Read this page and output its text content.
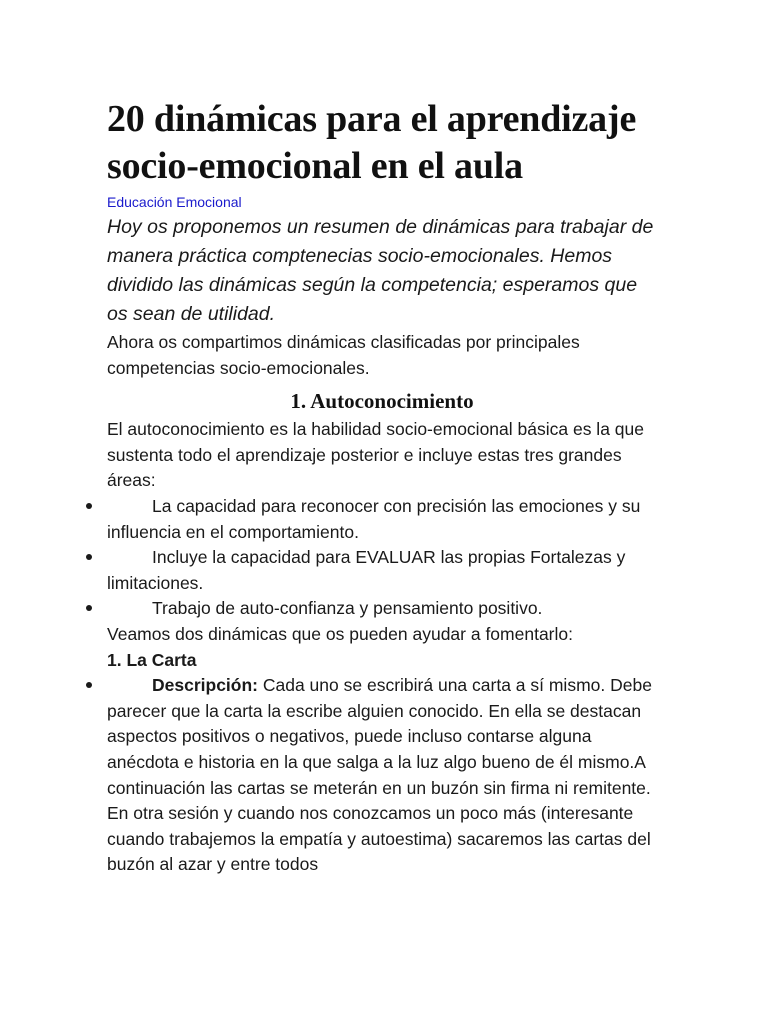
20 dinámicas para el aprendizaje socio-emocional en el aula
Educación Emocional

Hoy os proponemos un resumen de dinámicas para trabajar de manera práctica comptenecias socio-emocionales. Hemos dividido las dinámicas según la competencia; esperamos que os sean de utilidad.

Ahora os compartimos dinámicas clasificadas por principales competencias socio-emocionales.

1. Autoconocimiento

El autoconocimiento es la habilidad socio-emocional básica es la que sustenta todo el aprendizaje posterior e incluye estas tres grandes áreas:

La capacidad para reconocer con precisión las emociones y su influencia en el comportamiento.
Incluye la capacidad para EVALUAR las propias Fortalezas y limitaciones.
Trabajo de auto-confianza y pensamiento positivo.

Veamos dos dinámicas que os pueden ayudar a fomentarlo:

1. La Carta
Descripción: Cada uno se escribirá una carta a sí mismo. Debe parecer que la carta la escribe alguien conocido. En ella se destacan aspectos positivos o negativos, puede incluso contarse alguna anécdota e historia en la que salga a la luz algo bueno de él mismo.A continuación las cartas se meterán en un buzón sin firma ni remitente. En otra sesión y cuando nos conozcamos un poco más (interesante cuando trabajemos la empatía y autoestima) sacaremos las cartas del buzón al azar y entre todos
